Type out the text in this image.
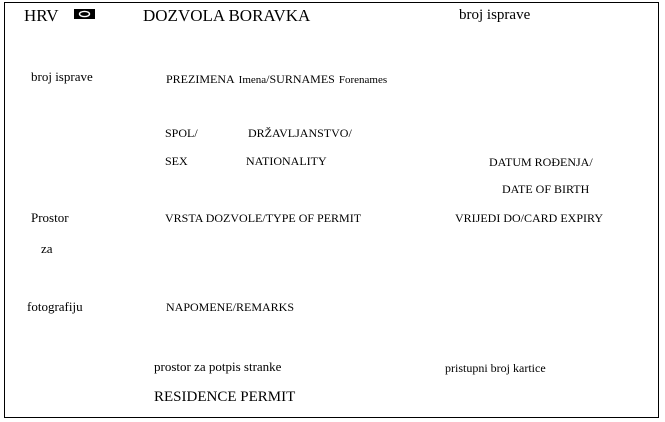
HRV	DOZVOLA BORAVKA	broj isprave
broj isprave
Prostor
za
fotografiju
PREZIMENA Imena/SURNAMES Forenames
SPOL/
SEX
DRŽAVLJANSTVO/
NATIONALITY	DATUM ROĐENJA/
DATE OF BIRTH
VRSTA DOZVOLE/TYPE OF PERMIT	VRIJEDI DO/CARD EXPIRY
NAPOMENE/REMARKS
prostor za potpis stranke	pristupni broj kartice
RESIDENCE PERMIT
